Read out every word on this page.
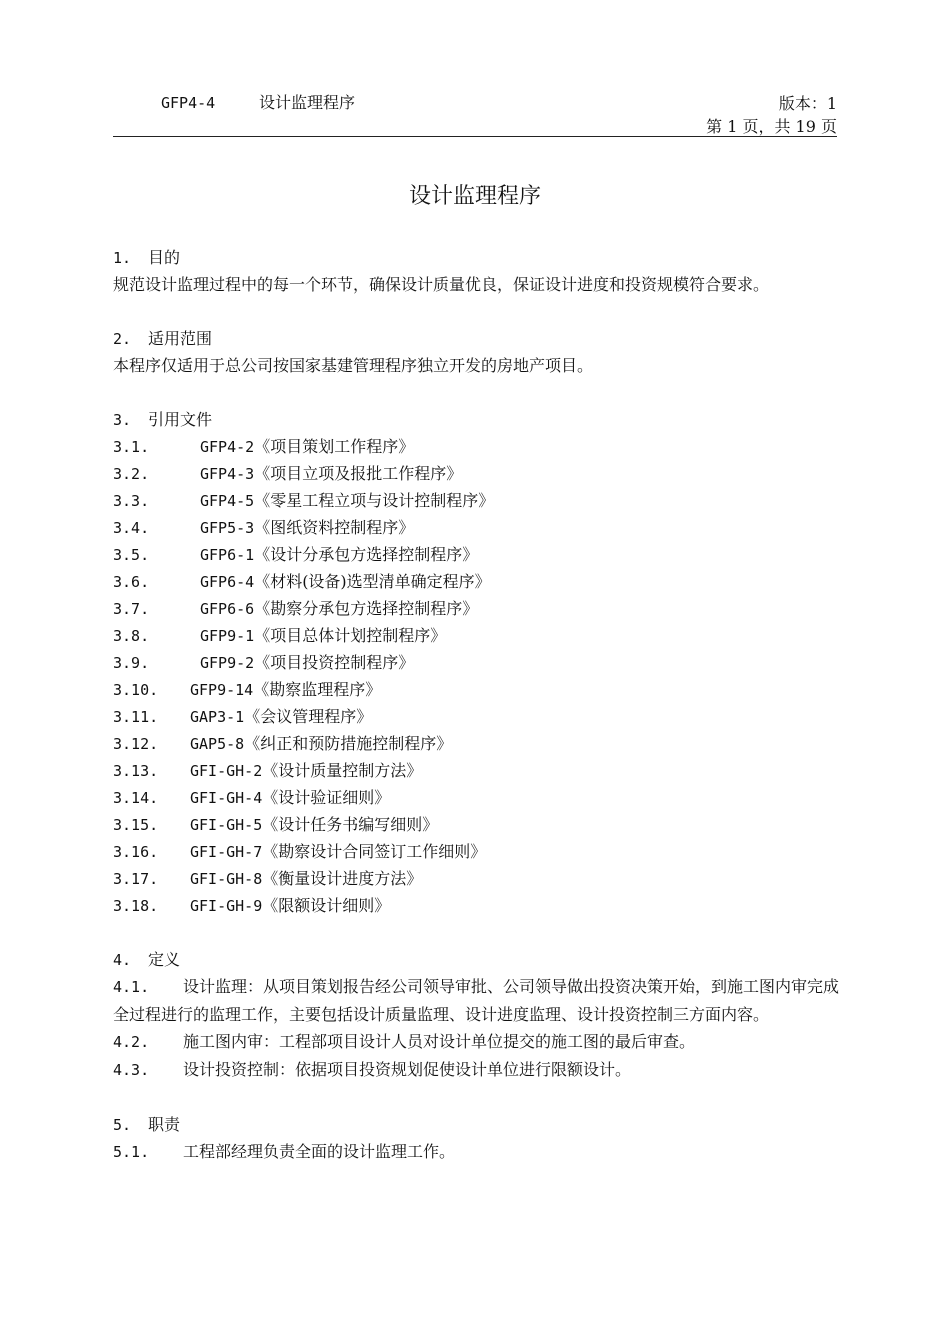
GFP4-4	设计监理程序	版本：1
第 1 页，共 19 页
设计监理程序
1. 目的
规范设计监理过程中的每一个环节，确保设计质量优良，保证设计进度和投资规模符合要求。
2. 适用范围
本程序仅适用于总公司按国家基建管理程序独立开发的房地产项目。
3. 引用文件
3.1.	GFP4-2《项目策划工作程序》
3.2.	GFP4-3《项目立项及报批工作程序》
3.3.	GFP4-5《零星工程立项与设计控制程序》
3.4.	GFP5-3《图纸资料控制程序》
3.5.	GFP6-1《设计分承包方选择控制程序》
3.6.	GFP6-4《材料(设备)选型清单确定程序》
3.7.	GFP6-6《勘察分承包方选择控制程序》
3.8.	GFP9-1《项目总体计划控制程序》
3.9.	GFP9-2《项目投资控制程序》
3.10. GFP9-14《勘察监理程序》
3.11. GAP3-1《会议管理程序》
3.12. GAP5-8《纠正和预防措施控制程序》
3.13. GFI-GH-2《设计质量控制方法》
3.14. GFI-GH-4《设计验证细则》
3.15. GFI-GH-5《设计任务书编写细则》
3.16. GFI-GH-7《勘察设计合同签订工作细则》
3.17. GFI-GH-8《衡量设计进度方法》
3.18. GFI-GH-9《限额设计细则》
4. 定义
4.1. 设计监理：从项目策划报告经公司领导审批、公司领导做出投资决策开始，到施工图内审完成全过程进行的监理工作，主要包括设计质量监理、设计进度监理、设计投资控制三方面内容。
4.2. 施工图内审：工程部项目设计人员对设计单位提交的施工图的最后审查。
4.3. 设计投资控制：依据项目投资规划促使设计单位进行限额设计。
5. 职责
5.1. 工程部经理负责全面的设计监理工作。
